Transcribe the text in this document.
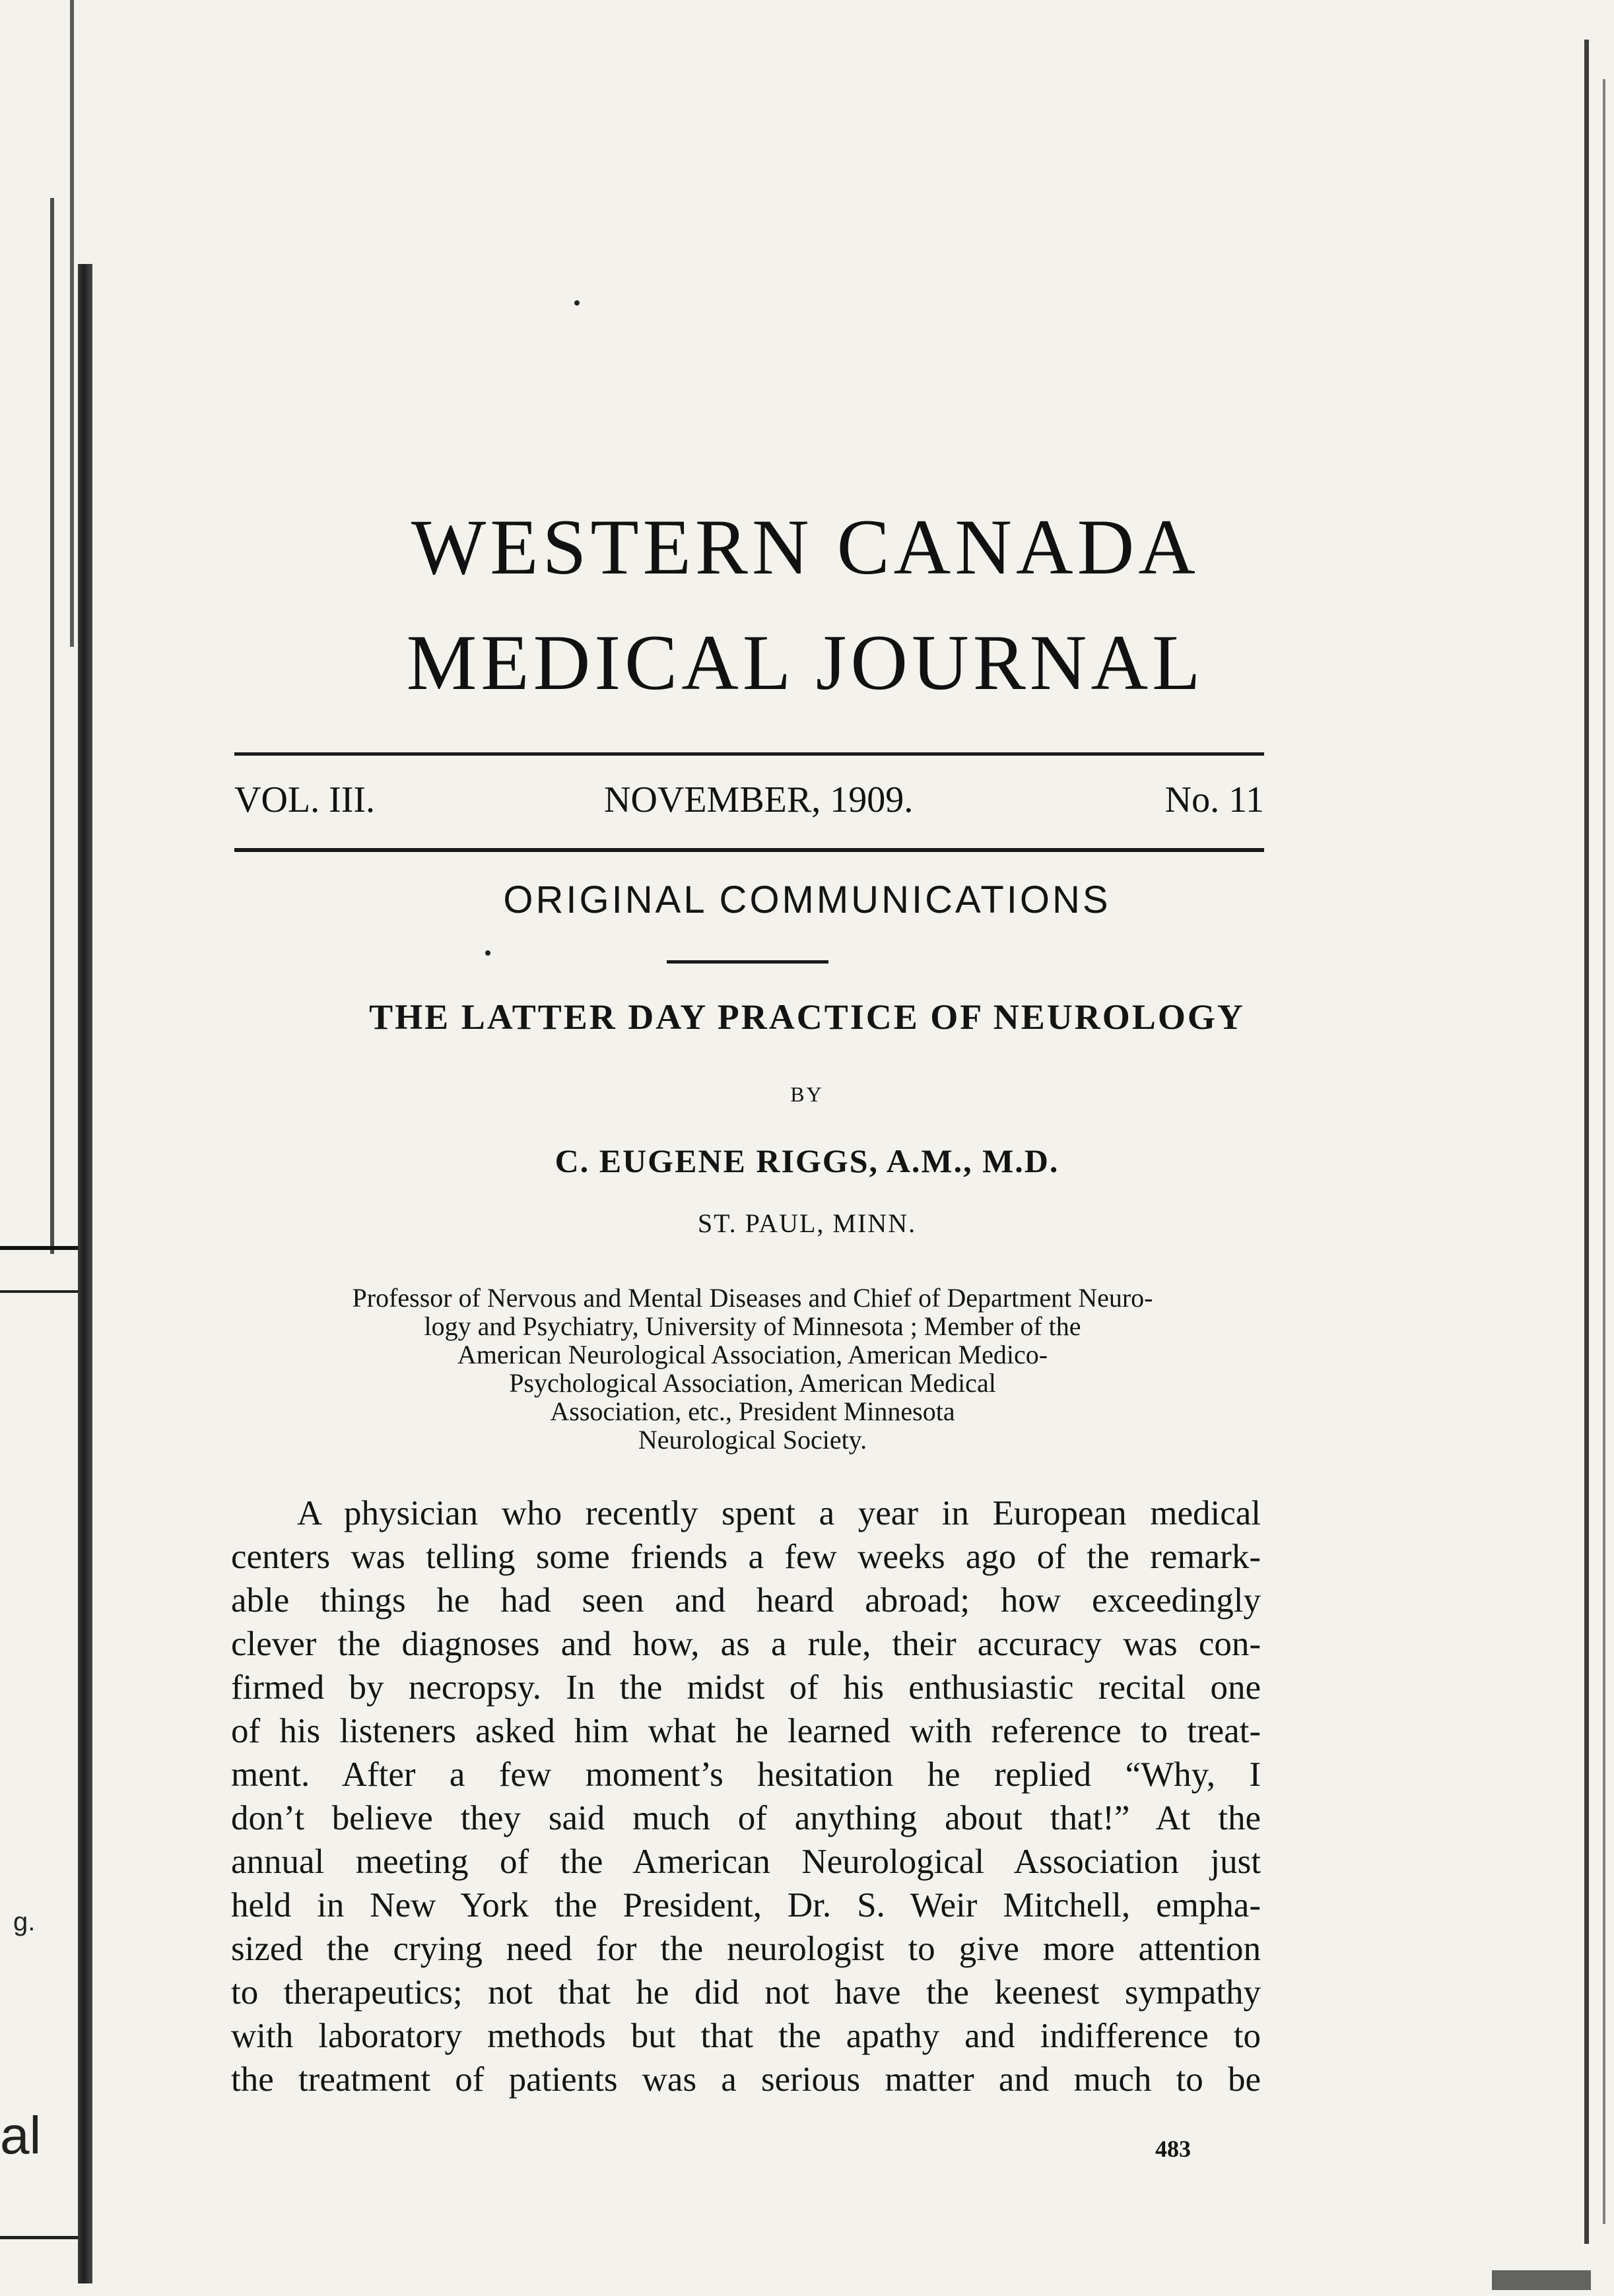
al
g.
WESTERN CANADA
MEDICAL JOURNAL
VOL. III.	NOVEMBER, 1909.	No. 11
ORIGINAL COMMUNICATIONS
THE LATTER DAY PRACTICE OF NEUROLOGY
BY
C. EUGENE RIGGS, A.M., M.D.
ST. PAUL, MINN.
Professor of Nervous and Mental Diseases and Chief of Department Neuro-
logy and Psychiatry, University of Minnesota ; Member of the
American Neurological Association, American Medico-
Psychological Association, American Medical
Association, etc., President Minnesota
Neurological Society.
A physician who recently spent a year in European medical
centers was telling some friends a few weeks ago of the remark-
able things he had seen and heard abroad; how exceedingly
clever the diagnoses and how, as a rule, their accuracy was con-
firmed by necropsy. In the midst of his enthusiastic recital one
of his listeners asked him what he learned with reference to treat-
ment. After a few moment’s hesitation he replied “Why, I
don’t believe they said much of anything about that!” At the
annual meeting of the American Neurological Association just
held in New York the President, Dr. S. Weir Mitchell, empha-
sized the crying need for the neurologist to give more attention
to therapeutics; not that he did not have the keenest sympathy
with laboratory methods but that the apathy and indifference to
the treatment of patients was a serious matter and much to be
483
